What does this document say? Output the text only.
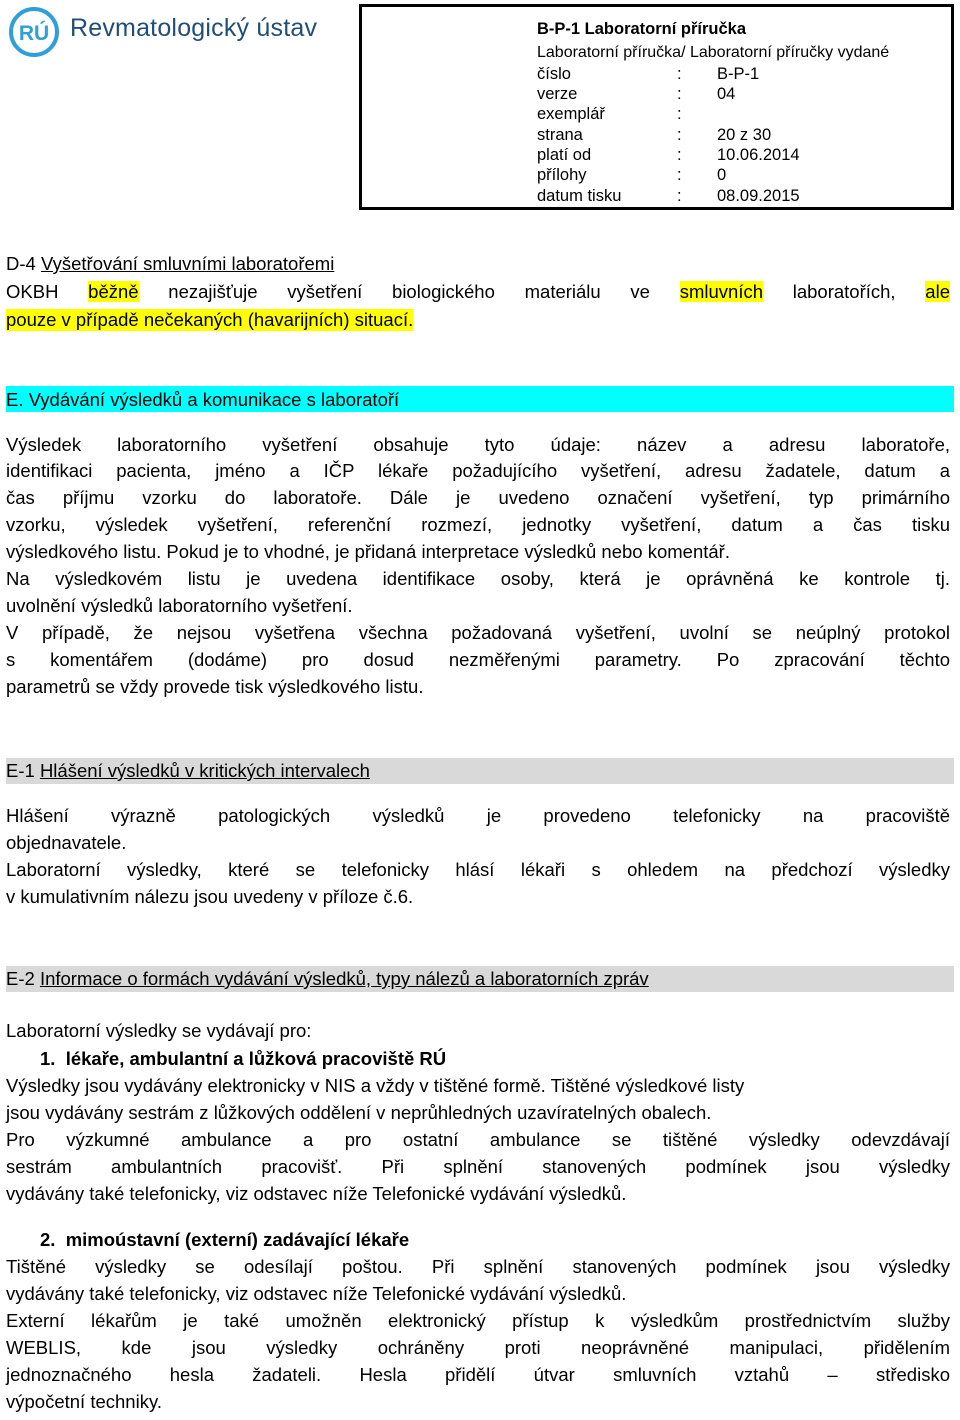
RÚ Revmatologický ústav	B-P-1 Laboratorní příručka
Laboratorní příručka/ Laboratorní příručky vydané
číslo	: B-P-1
verze	: 04
exemplář	:
strana	: 20 z 30
platí od	: 10.06.2014
přílohy	: 0
datum tisku	: 08.09.2015
D-4 Vyšetřování smluvními laboratořemi
OKBH běžně nezajišťuje vyšetření biologického materiálu ve smluvních laboratořích, ale
pouze v případě nečekaných (havarijních) situací.
E. Vydávání výsledků a komunikace s laboratoří
Výsledek laboratorního vyšetření obsahuje tyto údaje: název a adresu laboratoře,
identifikaci pacienta, jméno a IČP lékaře požadujícího vyšetření, adresu žadatele, datum a
čas příjmu vzorku do laboratoře. Dále je uvedeno označení vyšetření, typ primárního
vzorku, výsledek vyšetření, referenční rozmezí, jednotky vyšetření, datum a čas tisku
výsledkového listu. Pokud je to vhodné, je přidaná interpretace výsledků nebo komentář.
Na výsledkovém listu je uvedena identifikace osoby, která je oprávněná ke kontrole tj.
uvolnění výsledků laboratorního vyšetření.
V případě, že nejsou vyšetřena všechna požadovaná vyšetření, uvolní se neúplný protokol
s komentářem (dodáme) pro dosud nezměřenými parametry. Po zpracování těchto
parametrů se vždy provede tisk výsledkového listu.
E-1 Hlášení výsledků v kritických intervalech
Hlášení výrazně patologických výsledků je provedeno telefonicky na pracoviště
objednavatele.
Laboratorní výsledky, které se telefonicky hlásí lékaři s ohledem na předchozí výsledky
v kumulativním nálezu jsou uvedeny v příloze č.6.
E-2 Informace o formách vydávání výsledků, typy nálezů a laboratorních zpráv
Laboratorní výsledky se vydávají pro:
1. lékaře, ambulantní a lůžková pracoviště RÚ
Výsledky jsou vydávány elektronicky v NIS a vždy v tištěné formě. Tištěné výsledkové listy
jsou vydávány sestrám z lůžkových oddělení v neprůhledných uzavíratelných obalech.
Pro výzkumné ambulance a pro ostatní ambulance se tištěné výsledky odevzdávají
sestrám ambulantních pracovišť. Při splnění stanovených podmínek jsou výsledky
vydávány také telefonicky, viz odstavec níže Telefonické vydávání výsledků.
2. mimoústavní (externí) zadávající lékaře
Tištěné výsledky se odesílají poštou. Při splnění stanovených podmínek jsou výsledky
vydávány také telefonicky, viz odstavec níže Telefonické vydávání výsledků.
Externí lékařům je také umožněn elektronický přístup k výsledkům prostřednictvím služby
WEBLIS, kde jsou výsledky ochráněny proti neoprávněné manipulaci, přidělením
jednoznačného hesla žadateli. Hesla přidělí útvar smluvních vztahů – středisko
výpočetní techniky.
